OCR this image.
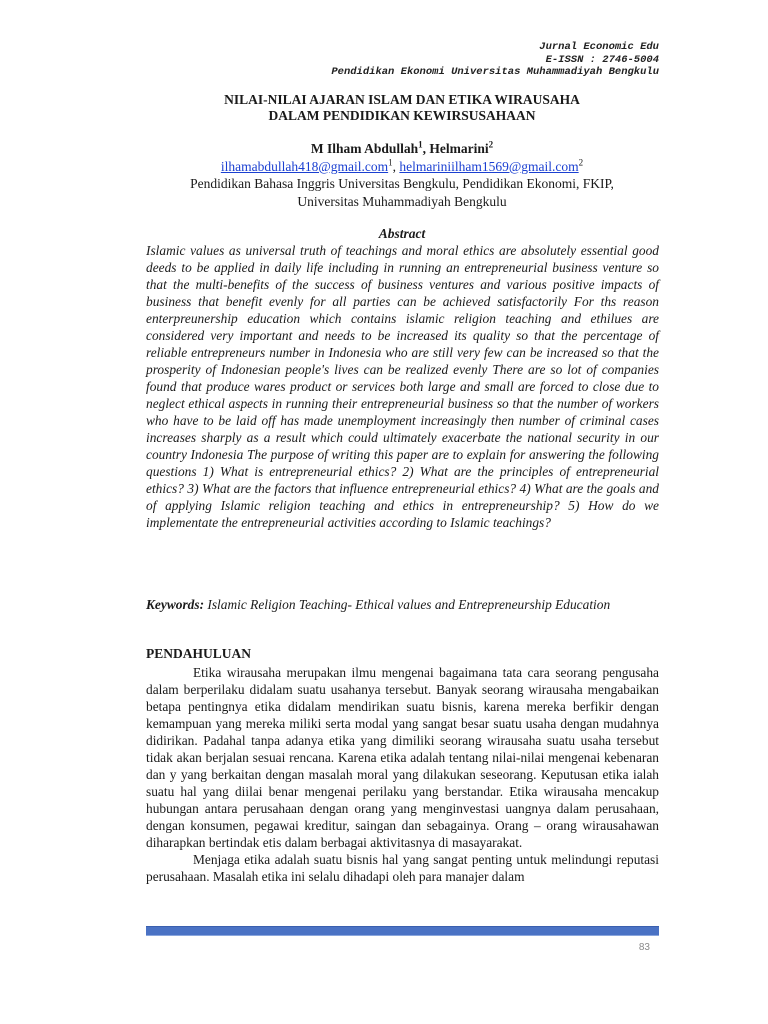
Jurnal Economic Edu
E-ISSN : 2746-5004
Pendidikan Ekonomi Universitas Muhammadiyah Bengkulu
NILAI-NILAI AJARAN ISLAM DAN ETIKA WIRAUSAHA
DALAM PENDIDIKAN KEWIRSUSAHAAN
M Ilham Abdullah$^1$, Helmarini$^2$
ilhamabdullah418@gmail.com$^1$, helmariniilham1569@gmail.com$^2$
Pendidikan Bahasa Inggris Universitas Bengkulu, Pendidikan Ekonomi, FKIP,
Universitas Muhammadiyah Bengkulu
Abstract
Islamic values as universal truth of teachings and moral ethics are absolutely essential good deeds to be applied in daily life including in running an entrepreneurial business venture so that the multi-benefits of the success of business ventures and various positive impacts of business that benefit evenly for all parties can be achieved satisfactorily For ths reason enterpreunership education which contains islamic religion teaching and ethilues are considered very important and needs to be increased its quality so that the percentage of reliable entrepreneurs number in Indonesia who are still very few can be increased so that the prosperity of Indonesian people's lives can be realized evenly There are so lot of companies found that produce wares product or services both large and small are forced to close due to neglect ethical aspects in running their entrepreneurial business so that the number of workers who have to be laid off has made unemployment increasingly then number of criminal cases increases sharply as a result which could ultimately exacerbate the national security in our country Indonesia The purpose of writing this paper are to explain for answering the following questions 1) What is entrepreneurial ethics? 2) What are the principles of entrepreneurial ethics? 3) What are the factors that influence entrepreneurial ethics? 4) What are the goals and of applying Islamic religion teaching and ethics in entrepreneurship? 5) How do we implementate the entrepreneurial activities according to Islamic teachings?
Keywords: Islamic Religion Teaching- Ethical values and Entrepreneurship Education
PENDAHULUAN

Etika wirausaha merupakan ilmu mengenai bagaimana tata cara seorang pengusaha dalam berperilaku didalam suatu usahanya tersebut. Banyak seorang wirausaha mengabaikan betapa pentingnya etika didalam mendirikan suatu bisnis, karena mereka berfikir dengan kemampuan yang mereka miliki serta modal yang sangat besar suatu usaha dengan mudahnya didirikan. Padahal tanpa adanya etika yang dimiliki seorang wirausaha suatu usaha tersebut tidak akan berjalan sesuai rencana. Karena etika adalah tentang nilai-nilai mengenai kebenaran dan y yang berkaitan dengan masalah moral yang dilakukan seseorang. Keputusan etika ialah suatu hal yang diilai benar mengenai perilaku yang berstandar. Etika wirausaha mencakup hubungan antara perusahaan dengan orang yang menginvestasi uangnya dalam perusahaan, dengan konsumen, pegawai kreditur, saingan dan sebagainya. Orang – orang wirausahawan diharapkan bertindak etis dalam berbagai aktivitasnya di masayarakat.

Menjaga etika adalah suatu bisnis hal yang sangat penting untuk melindungi reputasi perusahaan. Masalah etika ini selalu dihadapi oleh para manajer dalam

83
